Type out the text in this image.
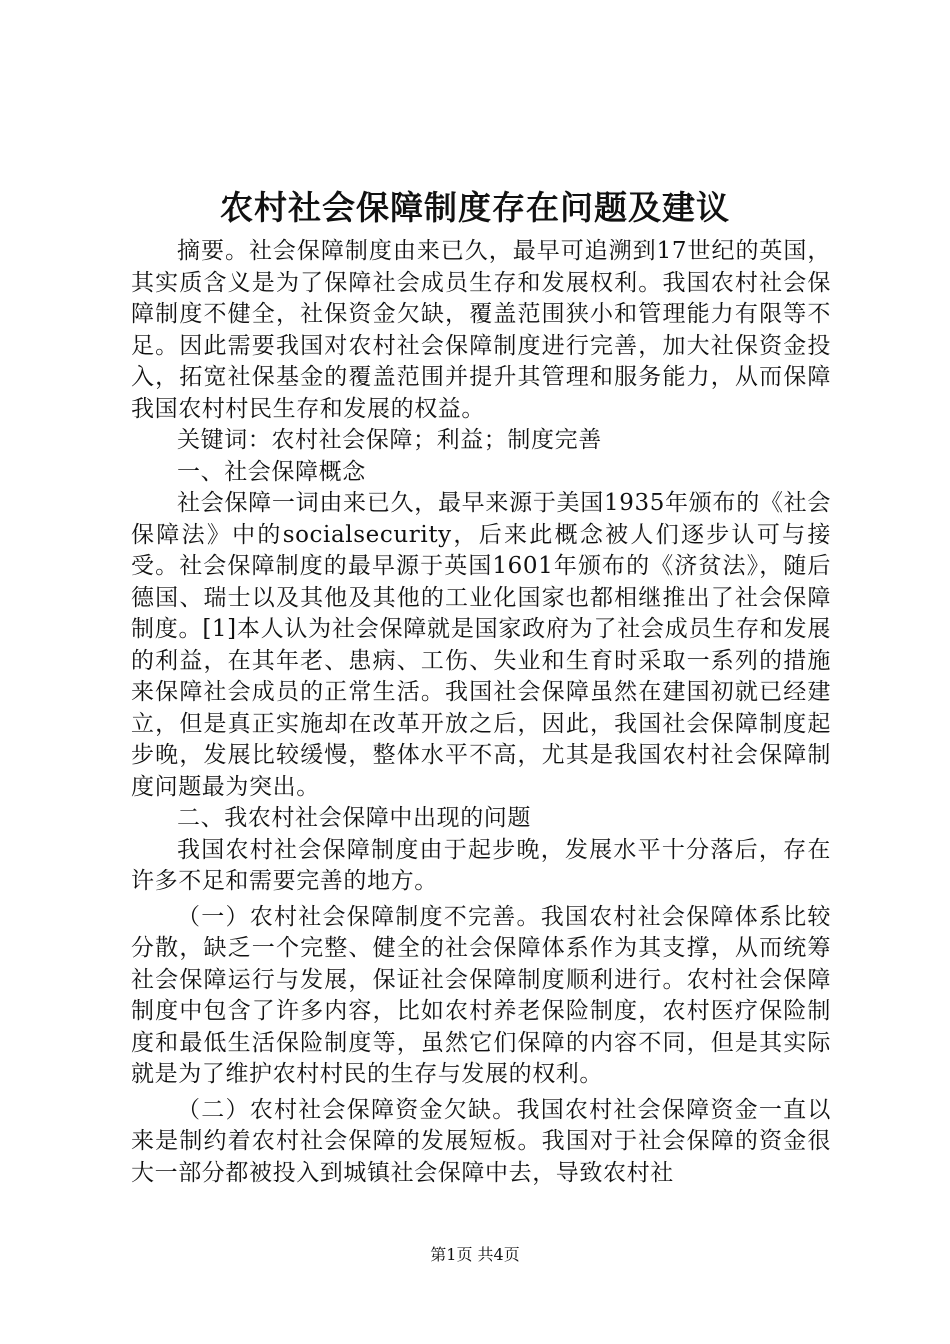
农村社会保障制度存在问题及建议

摘要。社会保障制度由来已久，最早可追溯到17世纪的英国，其实质含义是为了保障社会成员生存和发展权利。我国农村社会保障制度不健全，社保资金欠缺，覆盖范围狭小和管理能力有限等不足。因此需要我国对农村社会保障制度进行完善，加大社保资金投入，拓宽社保基金的覆盖范围并提升其管理和服务能力，从而保障我国农村村民生存和发展的权益。

关键词：农村社会保障；利益；制度完善

一、社会保障概念

社会保障一词由来已久，最早来源于美国1935年颁布的《社会保障法》中的socialsecurity，后来此概念被人们逐步认可与接受。社会保障制度的最早源于英国1601年颁布的《济贫法》，随后德国、瑞士以及其他及其他的工业化国家也都相继推出了社会保障制度。[1]本人认为社会保障就是国家政府为了社会成员生存和发展的利益，在其年老、患病、工伤、失业和生育时采取一系列的措施来保障社会成员的正常生活。我国社会保障虽然在建国初就已经建立，但是真正实施却在改革开放之后，因此，我国社会保障制度起步晚，发展比较缓慢，整体水平不高，尤其是我国农村社会保障制度问题最为突出。

二、我农村社会保障中出现的问题

我国农村社会保障制度由于起步晚，发展水平十分落后，存在许多不足和需要完善的地方。

（一）农村社会保障制度不完善。我国农村社会保障体系比较分散，缺乏一个完整、健全的社会保障体系作为其支撑，从而统筹社会保障运行与发展，保证社会保障制度顺利进行。农村社会保障制度中包含了许多内容，比如农村养老保险制度，农村医疗保险制度和最低生活保险制度等，虽然它们保障的内容不同，但是其实际就是为了维护农村村民的生存与发展的权利。

（二）农村社会保障资金欠缺。我国农村社会保障资金一直以来是制约着农村社会保障的发展短板。我国对于社会保障的资金很大一部分都被投入到城镇社会保障中去，导致农村社

第1页 共4页
